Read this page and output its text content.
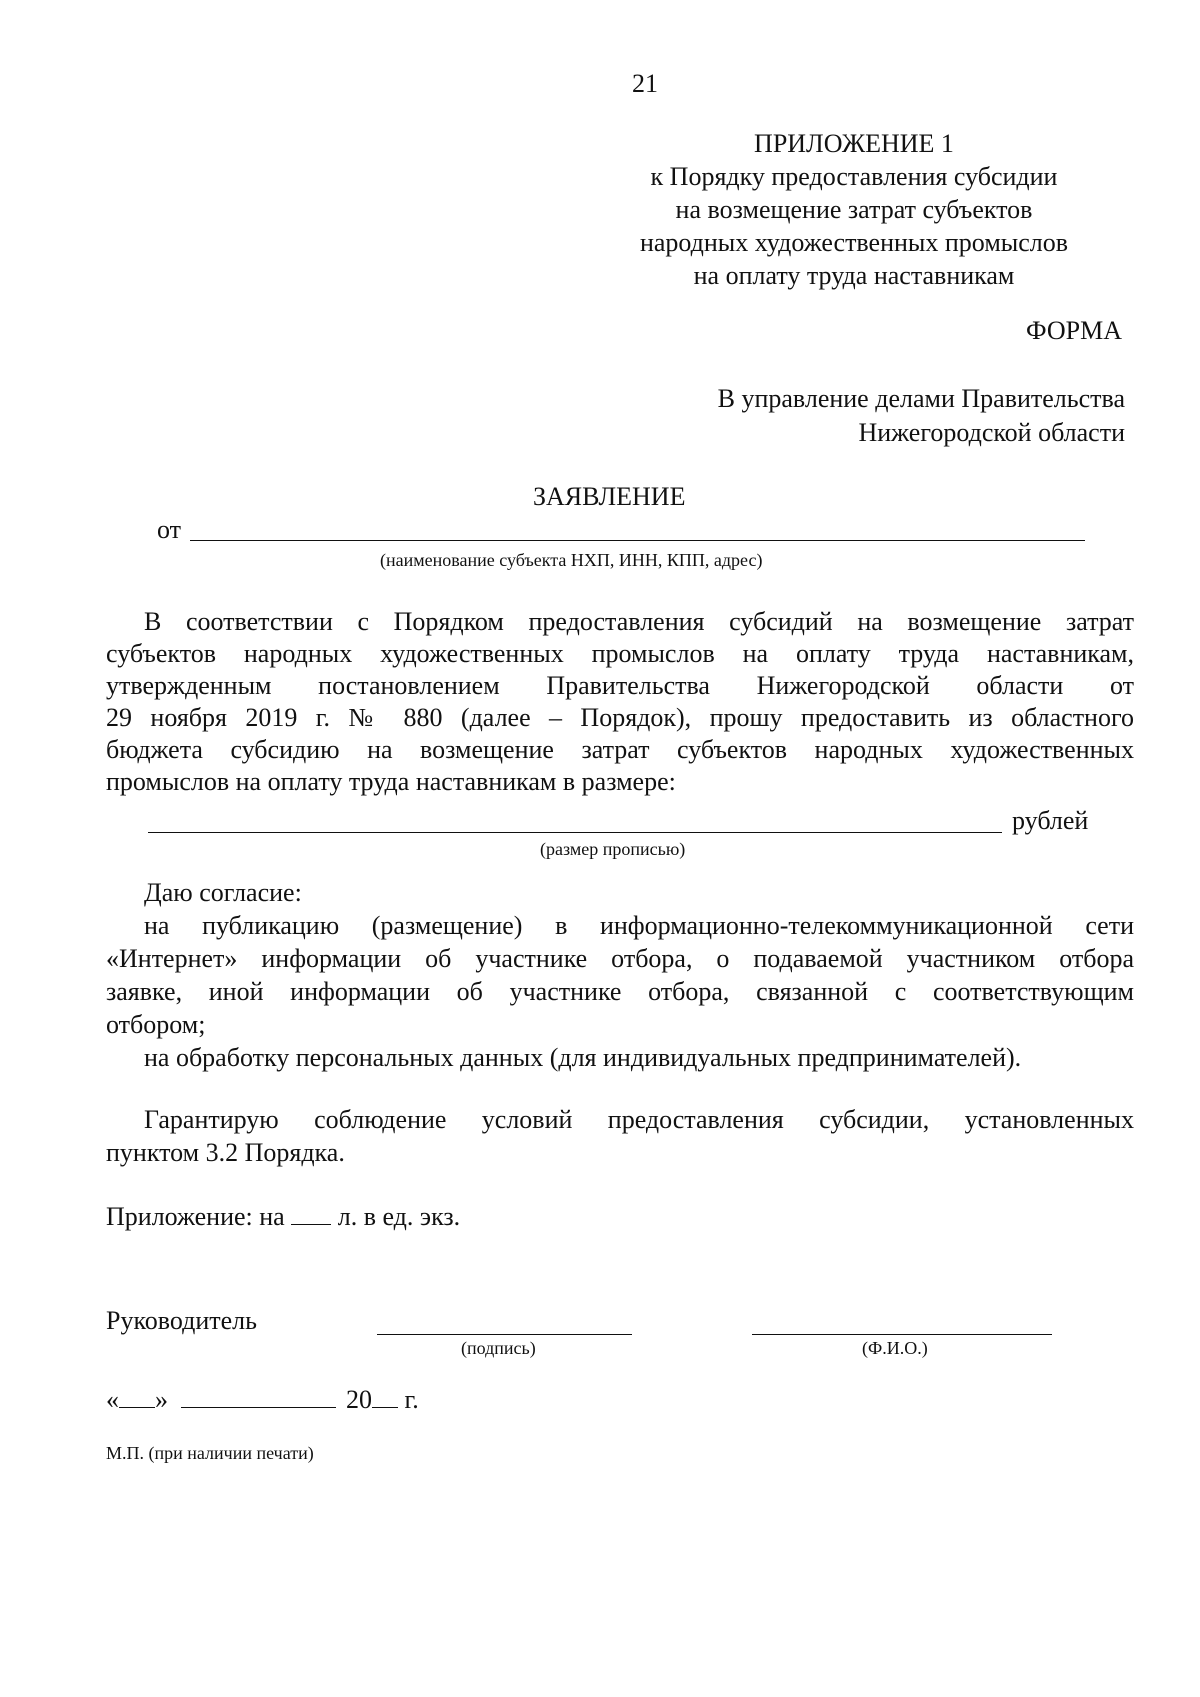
21
ПРИЛОЖЕНИЕ 1
к Порядку предоставления субсидии
на возмещение затрат субъектов
народных художественных промыслов
на оплату труда наставникам
ФОРМА
В управление делами Правительства
Нижегородской области
ЗАЯВЛЕНИЕ
от
(наименование субъекта НХП, ИНН, КПП, адрес)
В соответствии с Порядком предоставления субсидий на возмещение затрат
субъектов народных художественных промыслов на оплату труда наставникам,
утвержденным постановлением Правительства Нижегородской области от
29 ноября 2019 г. № 880 (далее – Порядок), прошу предоставить из областного
бюджета субсидию на возмещение затрат субъектов народных художественных
промыслов на оплату труда наставникам в размере:
рублей
(размер прописью)
Даю согласие:
на публикацию (размещение) в информационно-телекоммуникационной сети
«Интернет» информации об участнике отбора, о подаваемой участником отбора
заявке, иной информации об участнике отбора, связанной с соответствующим
отбором;
на обработку персональных данных (для индивидуальных предпринимателей).
Гарантирую соблюдение условий предоставления субсидии, установленных
пунктом 3.2 Порядка.
Приложение: на л. в ед. экз.
Руководитель
(подпись)	(Ф.И.О.)
« »	20 г.
М.П. (при наличии печати)
